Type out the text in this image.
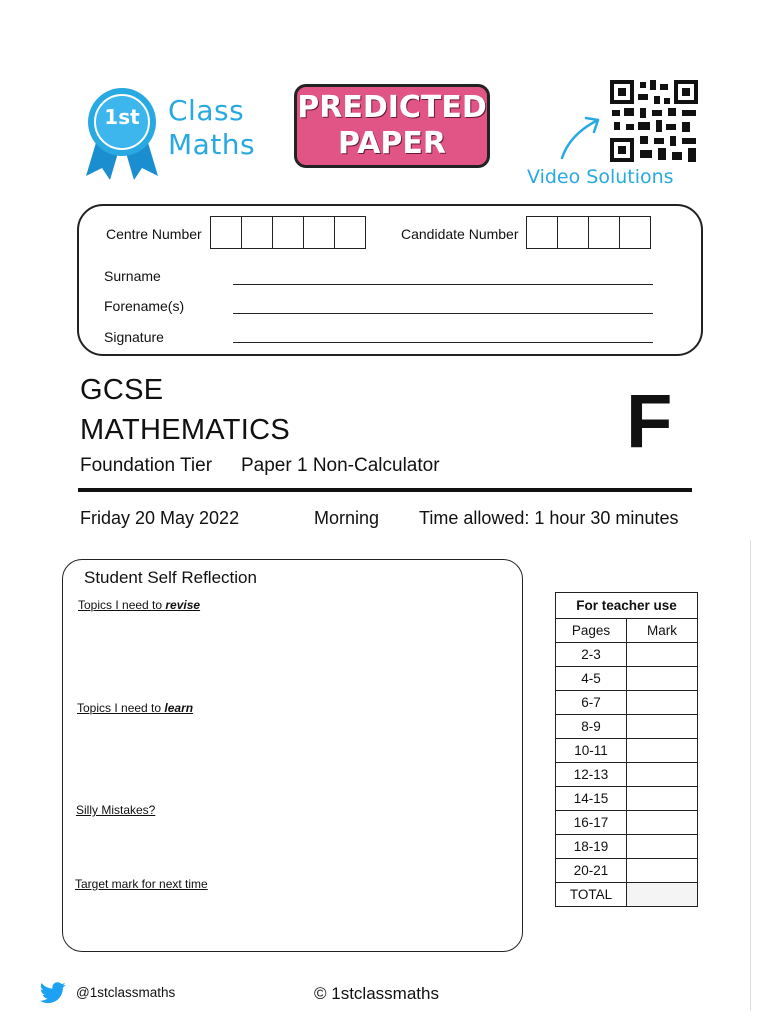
1st Class
Maths
PREDICTED
PAPER
Video Solutions
Centre Number	Candidate Number
Surname
Forename(s)
Signature
GCSE
MATHEMATICS
Foundation Tier Paper 1 Non-Calculator
F
Friday 20 May 2022	Morning Time allowed: 1 hour 30 minutes
Student Self Reflection
Topics I need to revise
Topics I need to learn
Silly Mistakes?
Target mark for next time
For teacher use	
Pages	Mark
2-3	
4-5	
6-7	
8-9	
10-11	
12-13	
14-15	
16-17	
18-19	
20-21	
TOTAL	
@1stclassmaths	© 1stclassmaths
